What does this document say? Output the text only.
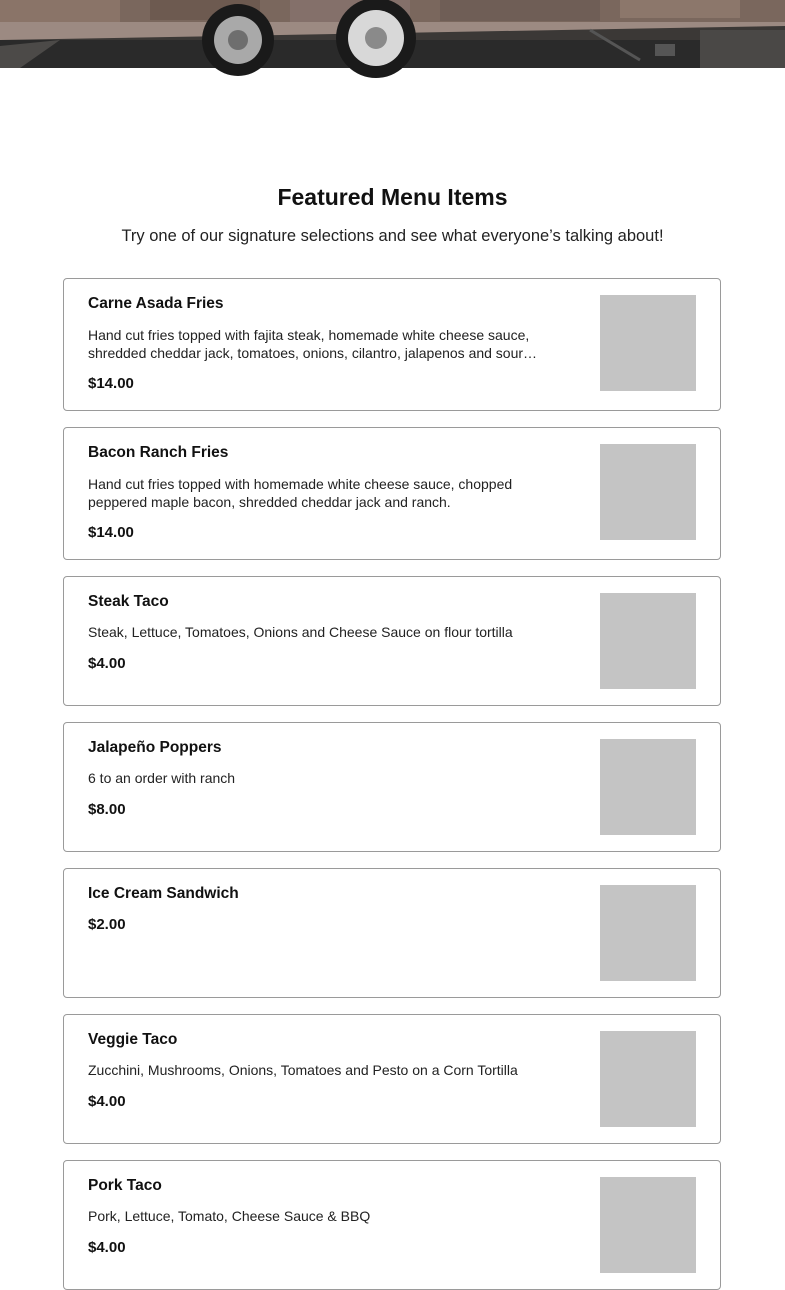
Featured Menu Items

Try one of our signature selections and see what everyone’s talking about!

Carne Asada Fries
Hand cut fries topped with fajita steak, homemade white cheese sauce, shredded cheddar jack, tomatoes, onions, cilantro, jalapenos and sour…
$14.00
Bacon Ranch Fries
Hand cut fries topped with homemade white cheese sauce, chopped peppered maple bacon, shredded cheddar jack and ranch.
$14.00
Steak Taco
Steak, Lettuce, Tomatoes, Onions and Cheese Sauce on flour tortilla
$4.00
Jalapeño Poppers
6 to an order with ranch
$8.00
Ice Cream Sandwich
$2.00
Veggie Taco
Zucchini, Mushrooms, Onions, Tomatoes and Pesto on a Corn Tortilla
$4.00
Pork Taco
Pork, Lettuce, Tomato, Cheese Sauce & BBQ
$4.00
